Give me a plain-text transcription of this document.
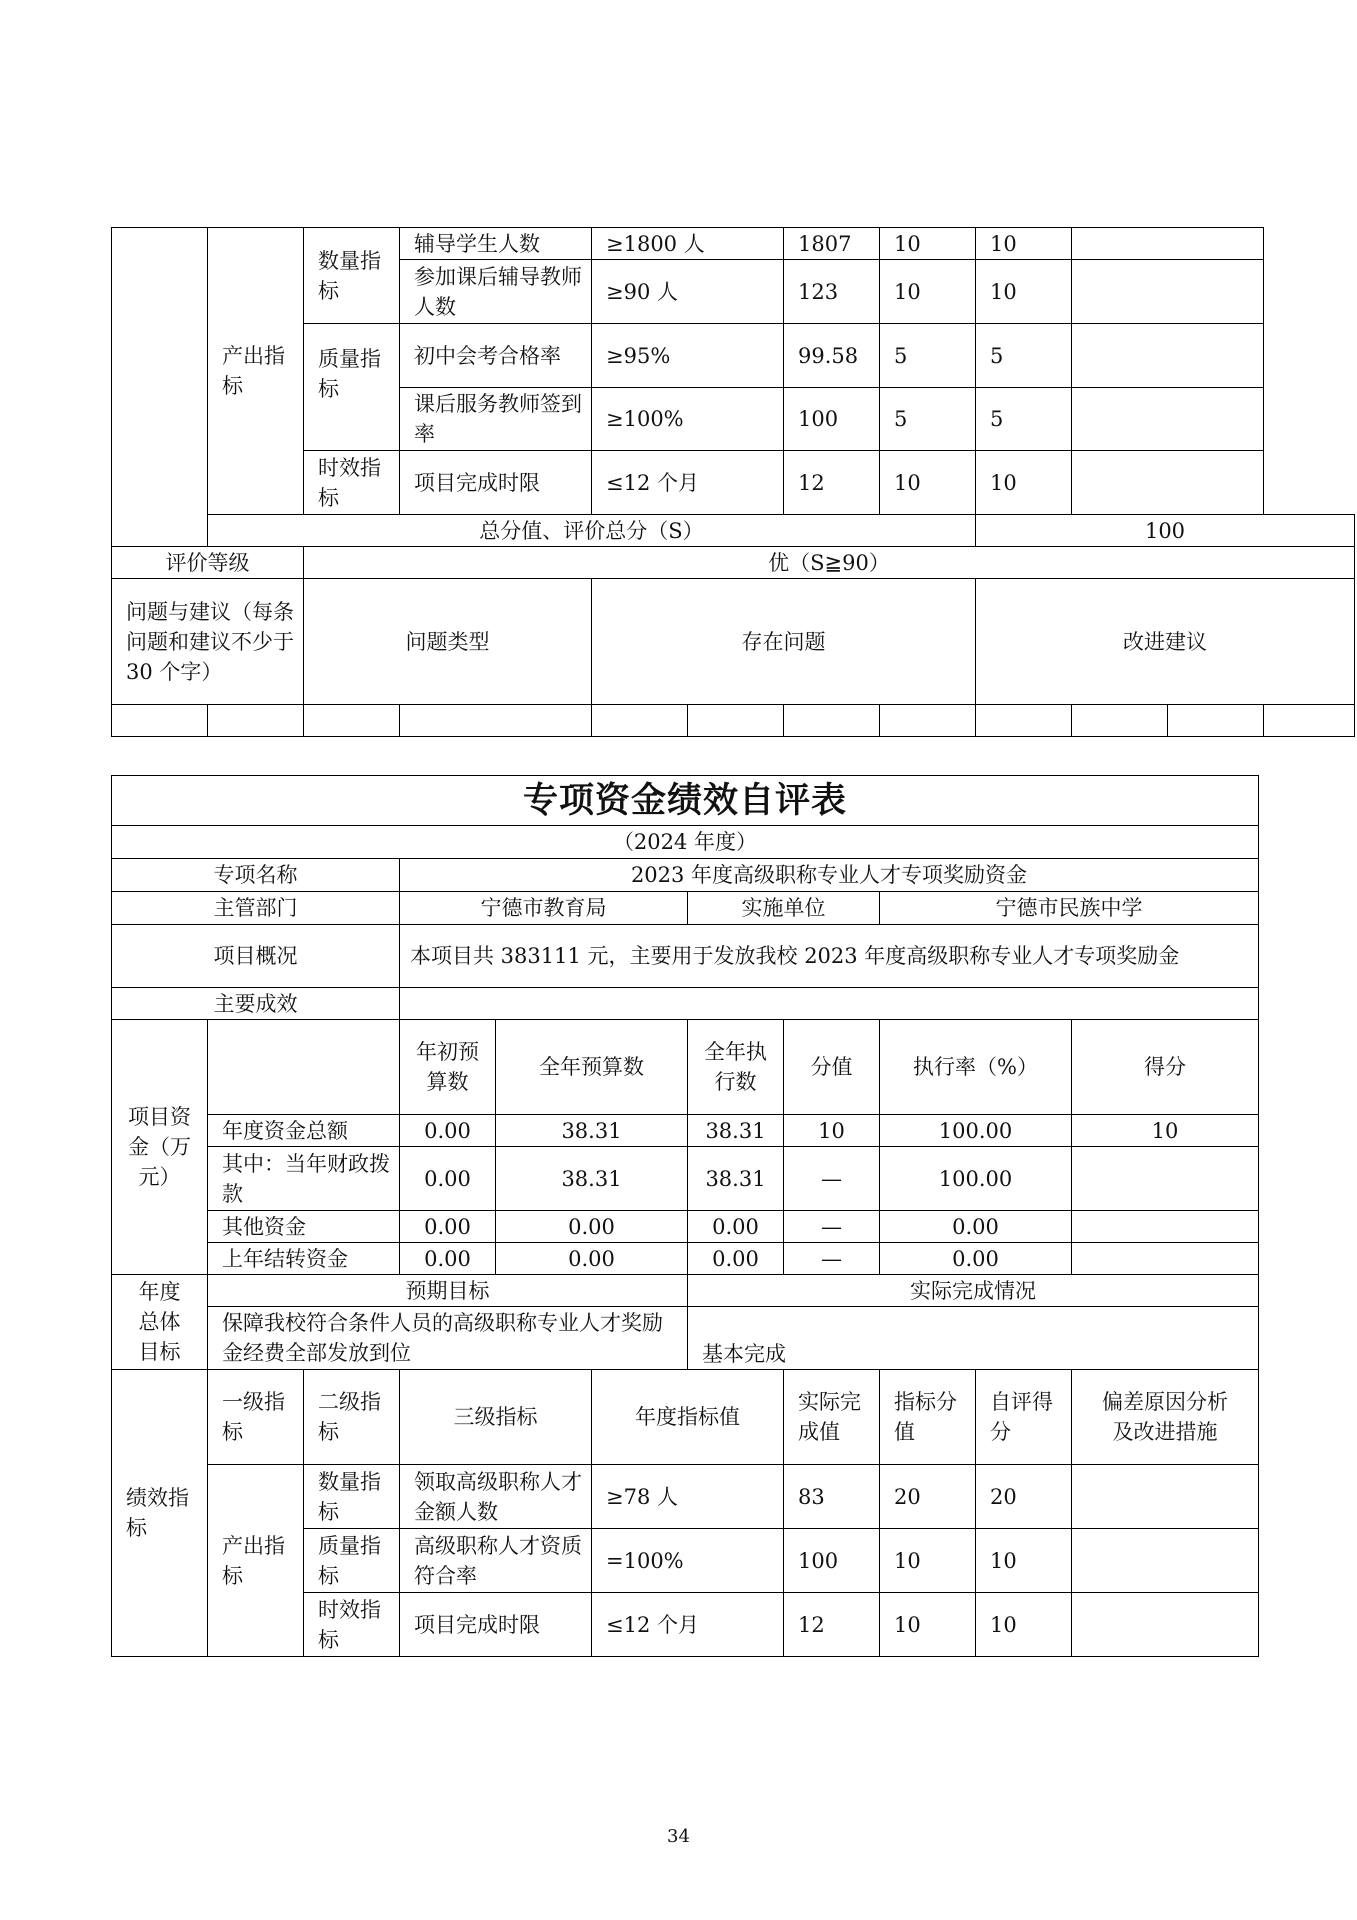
	产出指标	数量指标	辅导学生人数	≥1800 人		1807	10	10			
			参加课后辅导教师人数	≥90 人		123	10	10			
		质量指标	初中会考合格率	≥95%		99.58	5	5			
			课后服务教师签到率	≥100%		100	5	5			
		时效指标	项目完成时限	≤12 个月		12	10	10			
	总分值、评价总分（S）							100			
评价等级		优（S≧90）									
问题与建议（每条问题和建议不少于 30 个字）		问题类型		存在问题				改进建议			

专项资金绩效自评表										
（2024 年度）										
专项名称			2023 年度高级职称专业人才专项奖励资金							
主管部门			宁德市教育局			实施单位		宁德市民族中学		
项目概况			本项目共 383111 元，主要用于发放我校 2023 年度高级职称专业人才专项奖励金							
主要成效										
项目资金（万元）			年初预算数	全年预算数		全年执行数	分值	执行率（%）		得分
	年度资金总额		0.00	38.31		38.31	10	100.00		10
	其中：当年财政拨款		0.00	38.31		38.31	—	100.00		
	其他资金		0.00	0.00		0.00	—	0.00		
	上年结转资金		0.00	0.00		0.00	—	0.00		
年度总体目标	预期目标					实际完成情况				
	保障我校符合条件人员的高级职称专业人才奖励金经费全部发放到位					基本完成				
绩效指标	一级指标	二级指标	三级指标		年度指标值		实际完成值	指标分值	自评得分	偏差原因分析及改进措施
	产出指标	数量指标	领取高级职称人才金额人数		≥78 人		83	20	20	
		质量指标	高级职称人才资质符合率		=100%		100	10	10	
		时效指标	项目完成时限		≤12 个月		12	10	10	
34
